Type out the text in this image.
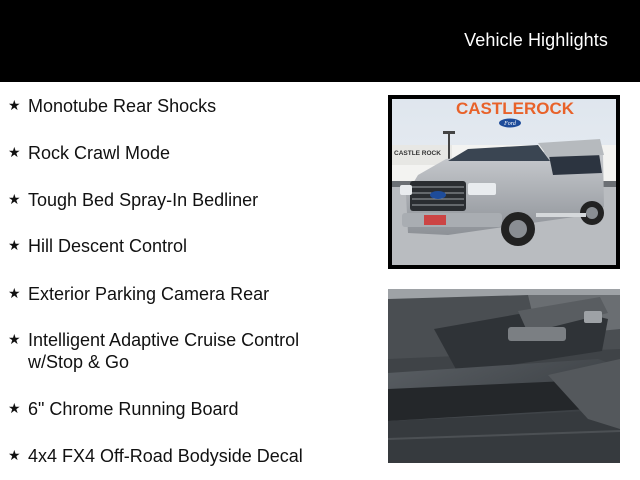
Vehicle Highlights
★ Monotube Rear Shocks
★ Rock Crawl Mode
★ Tough Bed Spray-In Bedliner
★ Hill Descent Control
★ Exterior Parking Camera Rear
★ Intelligent Adaptive Cruise Control
w/Stop & Go
★ 6" Chrome Running Board
★ 4x4 FX4 Off-Road Bodyside Decal
CASTLEROCK
Ford
CASTLE ROCK
